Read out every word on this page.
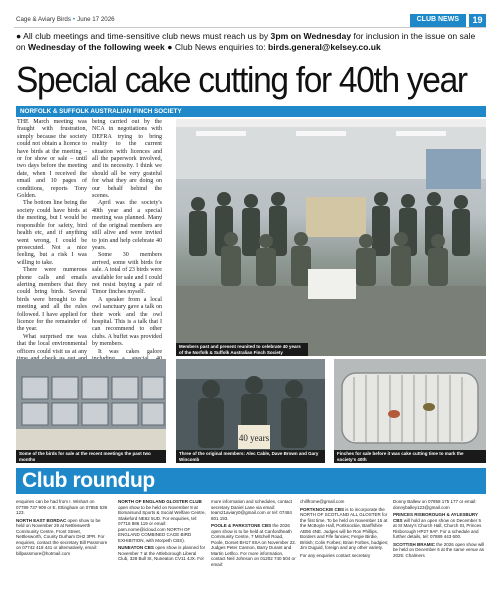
Cage & Aviary Birds • June 17 2026	CLUB NEWS	19
● All club meetings and time-sensitive club news must reach us by 3pm on Wednesday for inclusion in the issue on sale on Wednesday of the following week ● Club News enquiries to: birds.general@kelsey.co.uk
Special cake cutting for 40th year
NORFOLK & SUFFOLK AUSTRALIAN FINCH SOCIETY

THE March meeting was fraught with frustration, simply because the society could not obtain a licence to have birds at the meeting – or for show or sale – until two days before the meeting date, when I received the email and 10 pages of conditions, reports Tony Golden.

The bottom line being the society could have birds at the meeting, but I would be responsible for safety, bird health etc, and if anything went wrong, I could be prosecuted. Not a nice feeling, but a risk I was willing to take.

There were numerous phone calls and emails alerting members that they could bring birds. Several birds were brought to the meeting and all the rules followed. I have applied for licence for the remainder of the year.

What surprised me was that the local environmental officers could visit us at any

being carried out by the NCA in negotiations with DEFRA trying to bring reality to the current situation with licences and all the paperwork involved, and its necessity. I think we should all be very grateful for what they are doing on our behalf behind the scenes.

April was the society's 40th year and a special meeting was planned. Many of the original members are still alive and were invited to join and help celebrate 40 years.

Some 30 members arrived, some with birds for sale. A total of 23 birds were available for sale and I could not resist buying a pair of Timor finches myself.

A speaker from a local owl sanctuary gave a talk on their work and the owl hospital. This is a talk that I can recommend to other clubs. A buffet was provided by members.

It was cakes galore

Members past and present reunited to celebrate 40 years of the Norfolk & Suffolk Australian Finch Society
Some of the birds for sale at the recent meetings the past two months
40 years
Three of the original members: Alec Cable, Dave Brown and Gary Wincomb
Finches for sale before it was cake cutting time to mark the society's 40th
Club roundup

enquiries can be had from I. Wishart on 07789 737 909 or E. Ettingham on 07855 539 123.

NORTH EAST BORDAC open show to be held on November 29 at Nettleswerth Community Centre, Front Street, Nettlesworth, County Durham DH2 3PR. For enquiries, contact the secretary Bill Passmore on 07742 418 441 or alternatively, email: billpassmore@hotmail.com

NORTH OF ENGLAND GLOSTER CLUB open show to be held on November 8 at Bomarsund Sports & Social Welfare Centre, Stakeford NE62 5UD. For enquiries, tel: 07716 886 119 or email: pam.norne@icloud.com NORTH OF ENGLAND COMBINED CAGE BIRD EXHIBITION, with Morpeth CBS).

NUNEATON CBS open show is planned for November 7 at the Attleborough Liberal Club, 328 Bull St, Nuneaton CV11 4JX. For

more information and schedules, contact secretary Daniel Lane via email: team21aviary0@gmail.com or tel: 07484 801 193.

POOLE & PARKSTONE CBS the 2026 open show is to be held at Canfordheath Community Centre, 7 Mitchell Road, Poole, Dorset BH17 8SA on November 22. Judges Peter Cannon, Barry Durant and Martin Letllco. For more information, contact Neil Johnson on 01202 740 504 or email:

chillfrome@gmail.com

PORTKNOCKIE CBS is to incorporate the NORTH OF SCOTLAND ALL GLOSTER for the first time. To be held on November 15 at the McBoyle Hall, Portknockie, Banffshire AB56 4NE. Judges will be Ron Phillips, Borders and Fife fancies; Fergie Birdie, British; Colin Forbes; Brian Forbes, budgies; Jim Duguid, foreign and any other variety.

For any enquiries contact secretary

Donny Ballew on 07858 175 177 or email: donnyballey123@gmail.com

PRINCES RISBOROUGH & AYLESBURY CBS will hold an open show on December 5 at St Mary's Church Hall, Church St, Princes Risborough HP27 9AF. For a schedule and further details, tel: 07889 443 600.

SCOTTISH BRAMIC the 2026 open show will be held on December 6 at the same venue as 2025: Chalmers
